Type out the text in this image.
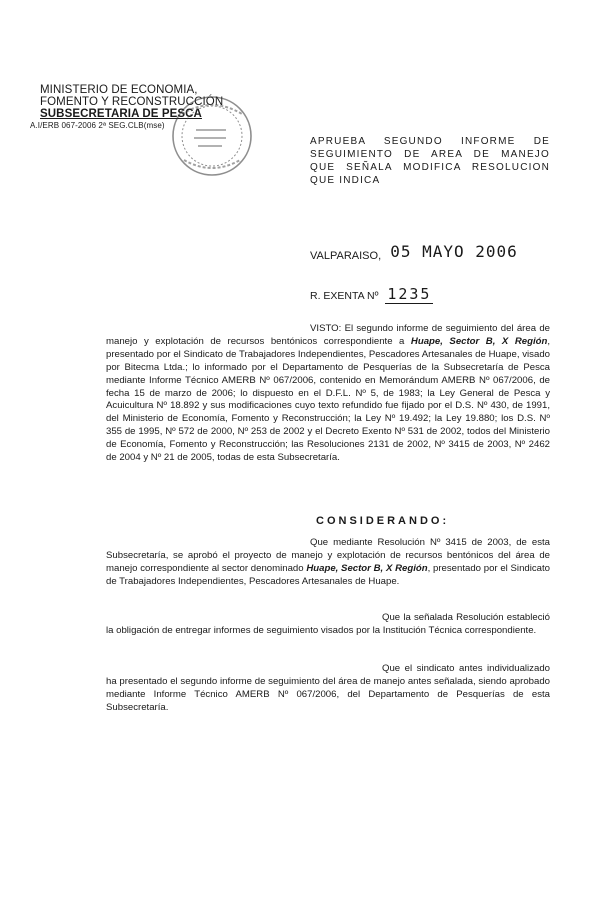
MINISTERIO DE ECONOMIA,
FOMENTO Y RECONSTRUCCIÓN
SUBSECRETARIA DE PESCA
A.I/ERB 067-2006 2ª SEG.CLB(mse)
APRUEBA SEGUNDO INFORME DE SEGUIMIENTO DE AREA DE MANEJO QUE SEÑALA MODIFICA RESOLUCION QUE INDICA
VALPARAISO, 05 MAYO 2006
R. EXENTA Nº 1235
VISTO: El segundo informe de seguimiento del área de manejo y explotación de recursos bentónicos correspondiente a Huape, Sector B, X Región, presentado por el Sindicato de Trabajadores Independientes, Pescadores Artesanales de Huape, visado por Bitecma Ltda.; lo informado por el Departamento de Pesquerías de la Subsecretaría de Pesca mediante Informe Técnico AMERB Nº 067/2006, contenido en Memorándum AMERB Nº 067/2006, de fecha 15 de marzo de 2006; lo dispuesto en el D.F.L. Nº 5, de 1983; la Ley General de Pesca y Acuicultura Nº 18.892 y sus modificaciones cuyo texto refundido fue fijado por el D.S. Nº 430, de 1991, del Ministerio de Economía, Fomento y Reconstrucción; la Ley Nº 19.492; la Ley 19.880; los D.S. Nº 355 de 1995, Nº 572 de 2000, Nº 253 de 2002 y el Decreto Exento Nº 531 de 2002, todos del Ministerio de Economía, Fomento y Reconstrucción; las Resoluciones 2131 de 2002, Nº 3415 de 2003, Nº 2462 de 2004 y Nº 21 de 2005, todas de esta Subsecretaría.
CONSIDERANDO:
Que mediante Resolución Nº 3415 de 2003, de esta Subsecretaría, se aprobó el proyecto de manejo y explotación de recursos bentónicos del área de manejo correspondiente al sector denominado Huape, Sector B, X Región, presentado por el Sindicato de Trabajadores Independientes, Pescadores Artesanales de Huape.
Que la señalada Resolución estableció la obligación de entregar informes de seguimiento visados por la Institución Técnica correspondiente.
Que el sindicato antes individualizado ha presentado el segundo informe de seguimiento del área de manejo antes señalada, siendo aprobado mediante Informe Técnico AMERB Nº 067/2006, del Departamento de Pesquerías de esta Subsecretaría.
